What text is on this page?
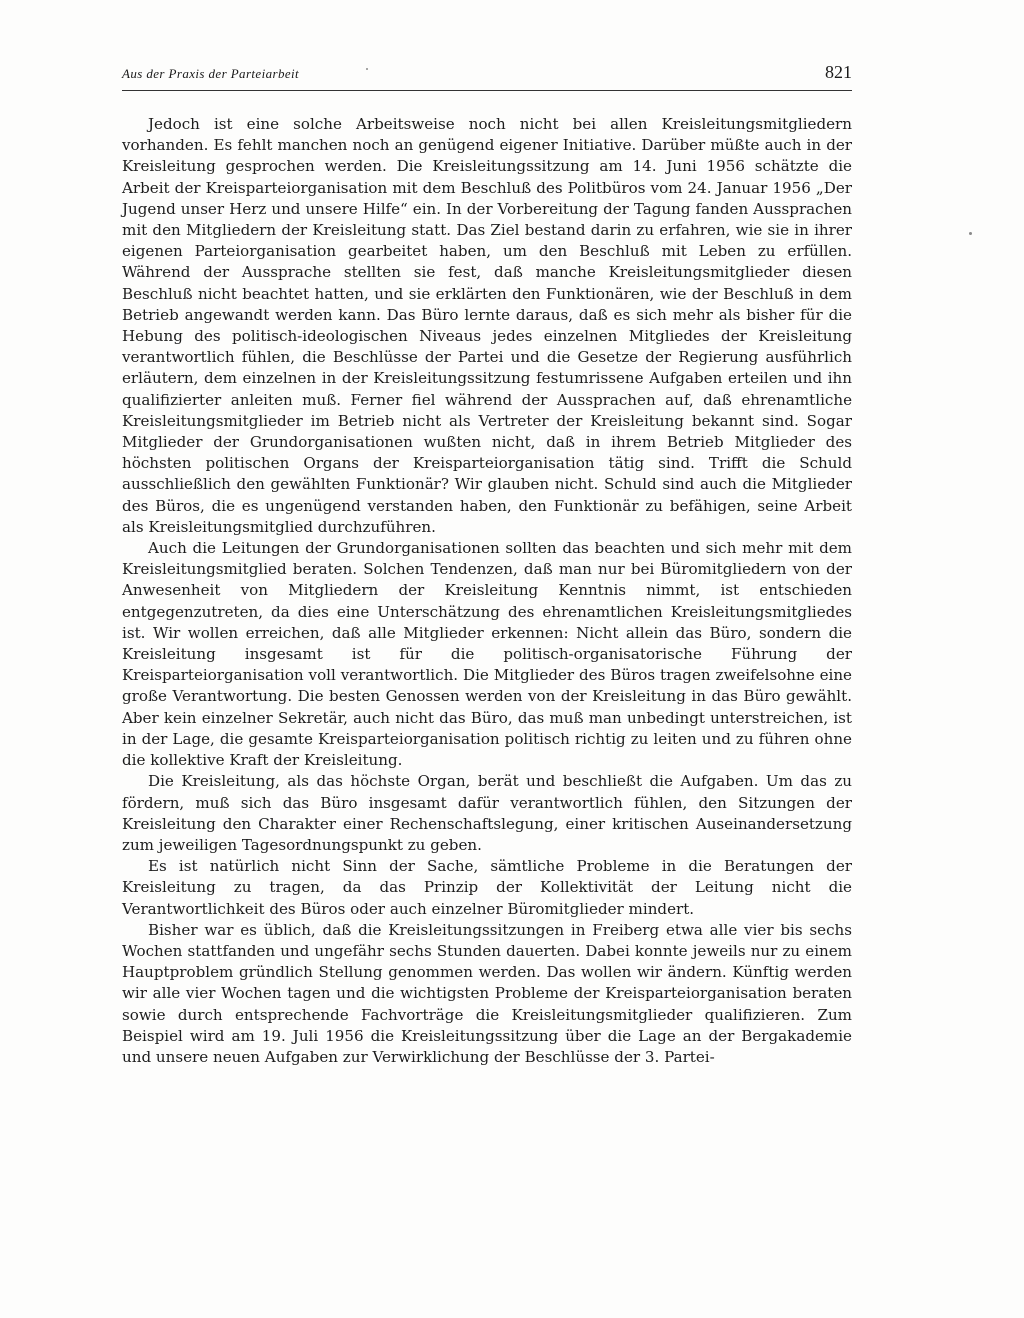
Aus der Praxis der Parteiarbeit	821

Jedoch ist eine solche Arbeitsweise noch nicht bei allen Kreisleitungsmitgliedern vorhanden. Es fehlt manchen noch an genügend eigener Initiative. Darüber müßte auch in der Kreisleitung gesprochen werden. Die Kreisleitungssitzung am 14. Juni 1956 schätzte die Arbeit der Kreisparteiorganisation mit dem Beschluß des Politbüros vom 24. Januar 1956 „Der Jugend unser Herz und unsere Hilfe“ ein. In der Vorbereitung der Tagung fanden Aussprachen mit den Mitgliedern der Kreisleitung statt. Das Ziel bestand darin zu erfahren, wie sie in ihrer eigenen Parteiorganisation gearbeitet haben, um den Beschluß mit Leben zu erfüllen. Während der Aussprache stellten sie fest, daß manche Kreisleitungsmitglieder diesen Beschluß nicht beachtet hatten, und sie erklärten den Funktionären, wie der Beschluß in dem Betrieb angewandt werden kann. Das Büro lernte daraus, daß es sich mehr als bisher für die Hebung des politisch-ideologischen Niveaus jedes einzelnen Mitgliedes der Kreisleitung verantwortlich fühlen, die Beschlüsse der Partei und die Gesetze der Regierung ausführlich erläutern, dem einzelnen in der Kreisleitungssitzung festumrissene Aufgaben erteilen und ihn qualifizierter anleiten muß. Ferner fiel während der Aussprachen auf, daß ehrenamtliche Kreisleitungsmitglieder im Betrieb nicht als Vertreter der Kreisleitung bekannt sind. Sogar Mitglieder der Grundorganisationen wußten nicht, daß in ihrem Betrieb Mitglieder des höchsten politischen Organs der Kreisparteiorganisation tätig sind. Trifft die Schuld ausschließlich den gewählten Funktionär? Wir glauben nicht. Schuld sind auch die Mitglieder des Büros, die es ungenügend verstanden haben, den Funktionär zu befähigen, seine Arbeit als Kreisleitungsmitglied durchzuführen.

Auch die Leitungen der Grundorganisationen sollten das beachten und sich mehr mit dem Kreisleitungsmitglied beraten. Solchen Tendenzen, daß man nur bei Büromitgliedern von der Anwesenheit von Mitgliedern der Kreisleitung Kenntnis nimmt, ist entschieden entgegenzutreten, da dies eine Unterschätzung des ehrenamtlichen Kreisleitungsmitgliedes ist. Wir wollen erreichen, daß alle Mitglieder erkennen: Nicht allein das Büro, sondern die Kreisleitung insgesamt ist für die politisch-organisatorische Führung der Kreisparteiorganisation voll verantwortlich. Die Mitglieder des Büros tragen zweifelsohne eine große Verantwortung. Die besten Genossen werden von der Kreisleitung in das Büro gewählt. Aber kein einzelner Sekretär, auch nicht das Büro, das muß man unbedingt unterstreichen, ist in der Lage, die gesamte Kreisparteiorganisation politisch richtig zu leiten und zu führen ohne die kollektive Kraft der Kreisleitung.

Die Kreisleitung, als das höchste Organ, berät und beschließt die Aufgaben. Um das zu fördern, muß sich das Büro insgesamt dafür verantwortlich fühlen, den Sitzungen der Kreisleitung den Charakter einer Rechenschaftslegung, einer kritischen Auseinandersetzung zum jeweiligen Tagesordnungspunkt zu geben.

Es ist natürlich nicht Sinn der Sache, sämtliche Probleme in die Beratungen der Kreisleitung zu tragen, da das Prinzip der Kollektivität der Leitung nicht die Verantwortlichkeit des Büros oder auch einzelner Büromitglieder mindert.

Bisher war es üblich, daß die Kreisleitungssitzungen in Freiberg etwa alle vier bis sechs Wochen stattfanden und ungefähr sechs Stunden dauerten. Dabei konnte jeweils nur zu einem Hauptproblem gründlich Stellung genommen werden. Das wollen wir ändern. Künftig werden wir alle vier Wochen tagen und die wichtigsten Probleme der Kreisparteiorganisation beraten sowie durch entsprechende Fachvorträge die Kreisleitungsmitglieder qualifizieren. Zum Beispiel wird am 19. Juli 1956 die Kreisleitungssitzung über die Lage an der Bergakademie und unsere neuen Aufgaben zur Verwirklichung der Beschlüsse der 3. Partei-
